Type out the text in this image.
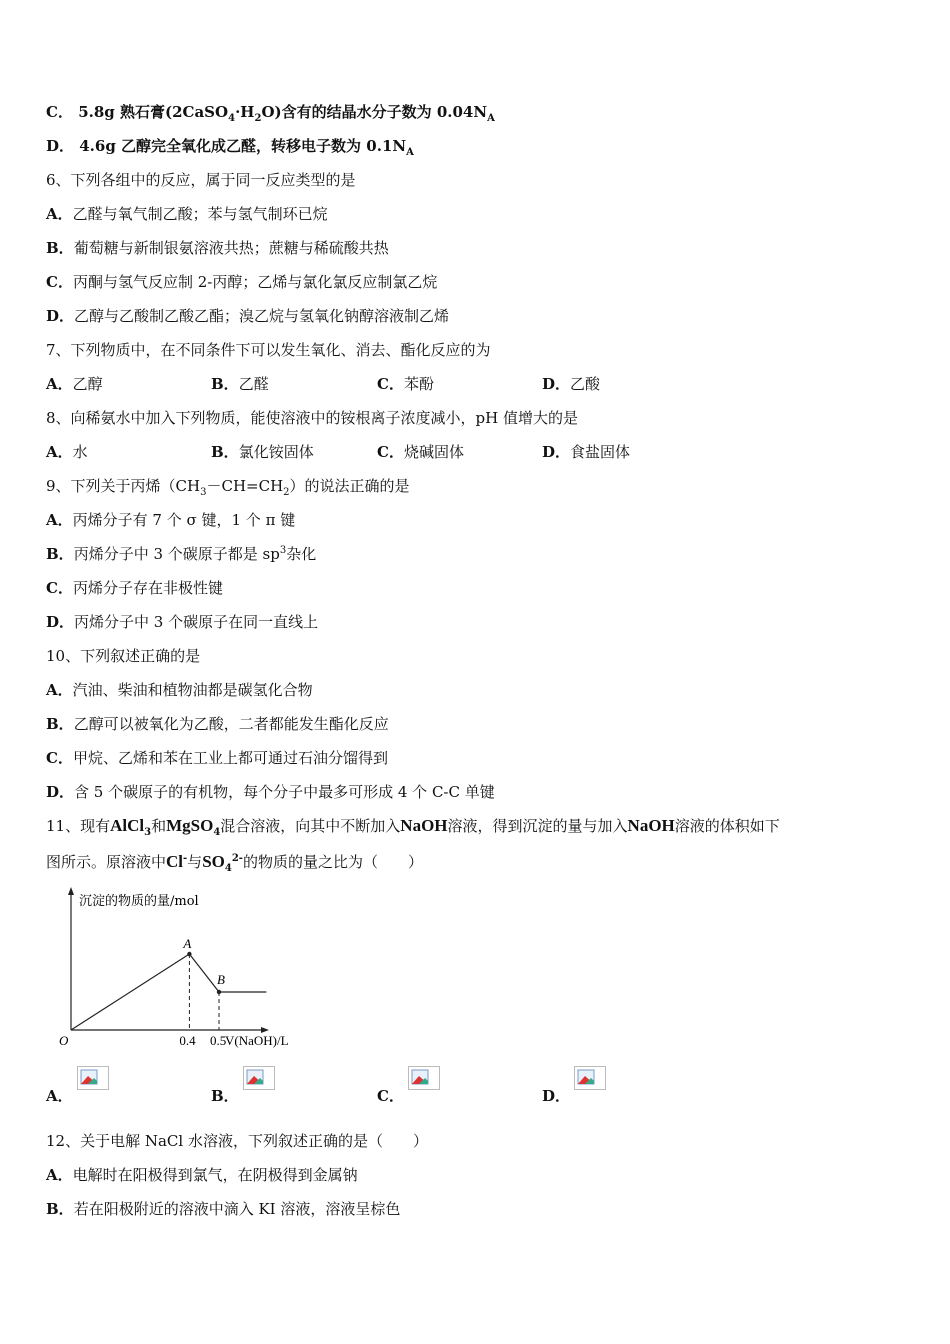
C． 5.8g 熟石膏$(2CaSO_4\cdot H_2O)$含有的结晶水分子数为 $0.04N_A$
D． 4.6g 乙醇完全氧化成乙醛，转移电子数为 $0.1N_A$
6、下列各组中的反应，属于同一反应类型的是
A．乙醛与氧气制乙酸；苯与氢气制环已烷
B．葡萄糖与新制银氨溶液共热；蔗糖与稀硫酸共热
C．丙酮与氢气反应制 2-丙醇；乙烯与氯化氯反应制氯乙烷
D．乙醇与乙酸制乙酸乙酯；溴乙烷与氢氧化钠醇溶液制乙烯
7、下列物质中，在不同条件下可以发生氧化、消去、酯化反应的为
A．乙醇	B．乙醛	C．苯酚	D．乙酸
8、向稀氨水中加入下列物质，能使溶液中的铵根离子浓度减小，pH 值增大的是
A．水	B．氯化铵固体	C．烧碱固体	D．食盐固体
9、下列关于丙烯$(CH_3-CH=CH_2)$的说法正确的是
A．丙烯分子有 7 个 σ 键，1 个 π 键
B．丙烯分子中 3 个碳原子都是 $sp^3$杂化
C．丙烯分子存在非极性键
D．丙烯分子中 3 个碳原子在同一直线上
10、下列叙述正确的是
A．汽油、柴油和植物油都是碳氢化合物
B．乙醇可以被氧化为乙酸，二者都能发生酯化反应
C．甲烷、乙烯和苯在工业上都可通过石油分馏得到
D．含 5 个碳原子的有机物，每个分子中最多可形成 4 个 C-C 单键
11、现有AlCl$_3$和MgSO$_4$混合溶液，向其中不断加入NaOH溶液，得到沉淀的量与加入NaOH溶液的体积如下
图所示。原溶液中Cl-与$SO_4^{2-}$的物质的量之比为（　　）
沉淀的物质的量/mol
O	V(NaOH)/L
A
B
0.4 0.5
A．	B．	C．	D．
12、关于电解 NaCl 水溶液，下列叙述正确的是（　　）
A．电解时在阳极得到氯气，在阴极得到金属钠
B．若在阳极附近的溶液中滴入 KI 溶液，溶液呈棕色
